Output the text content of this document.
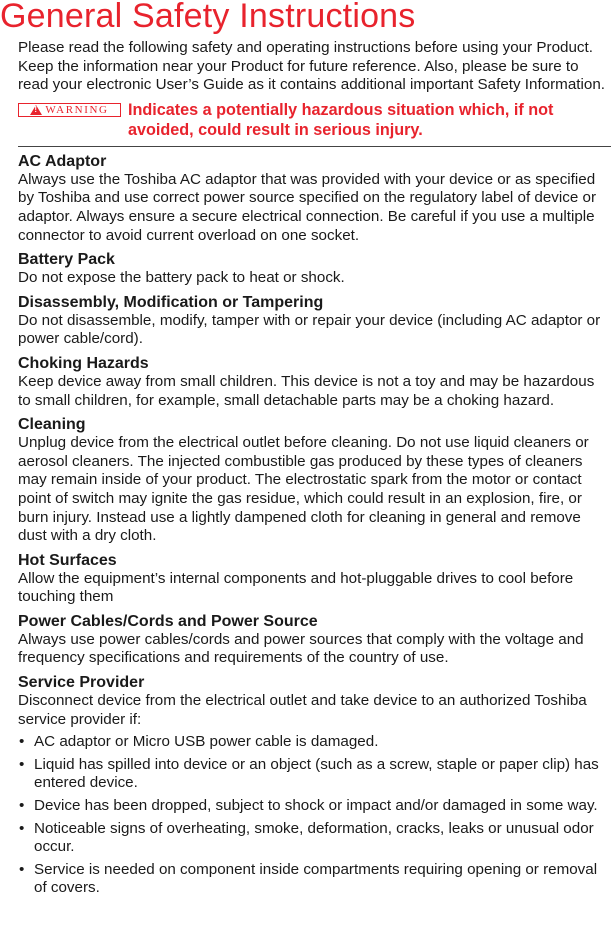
General Safety Instructions

Please read the following safety and operating instructions before using your Product. Keep the information near your Product for future reference. Also, please be sure to read your electronic User’s Guide as it contains additional important Safety Information.

!
WARNING Indicates a potentially hazardous situation which, if not avoided, could result in serious injury.

AC Adaptor

Always use the Toshiba AC adaptor that was provided with your device or as specified by Toshiba and use correct power source specified on the regulatory label of device or adaptor. Always ensure a secure electrical connection. Be careful if you use a multiple connector to avoid current overload on one socket.

Battery Pack

Do not expose the battery pack to heat or shock.

Disassembly, Modification or Tampering

Do not disassemble, modify, tamper with or repair your device (including AC adaptor or power cable/cord).

Choking Hazards

Keep device away from small children. This device is not a toy and may be hazardous to small children, for example, small detachable parts may be a choking hazard.

Cleaning

Unplug device from the electrical outlet before cleaning. Do not use liquid cleaners or aerosol cleaners. The injected combustible gas produced by these types of cleaners may remain inside of your product. The electrostatic spark from the motor or contact point of switch may ignite the gas residue, which could result in an explosion, fire, or burn injury. Instead use a lightly dampened cloth for cleaning in general and remove dust with a dry cloth.

Hot Surfaces

Allow the equipment’s internal components and hot-pluggable drives to cool before touching them

Power Cables/Cords and Power Source

Always use power cables/cords and power sources that comply with the voltage and frequency specifications and requirements of the country of use.

Service Provider

Disconnect device from the electrical outlet and take device to an authorized Toshiba service provider if:

• AC adaptor or Micro USB power cable is damaged.
• Liquid has spilled into device or an object (such as a screw, staple or paper clip) has entered device.
• Device has been dropped, subject to shock or impact and/or damaged in some way.
• Noticeable signs of overheating, smoke, deformation, cracks, leaks or unusual odor occur.
• Service is needed on component inside compartments requiring opening or removal of covers.
